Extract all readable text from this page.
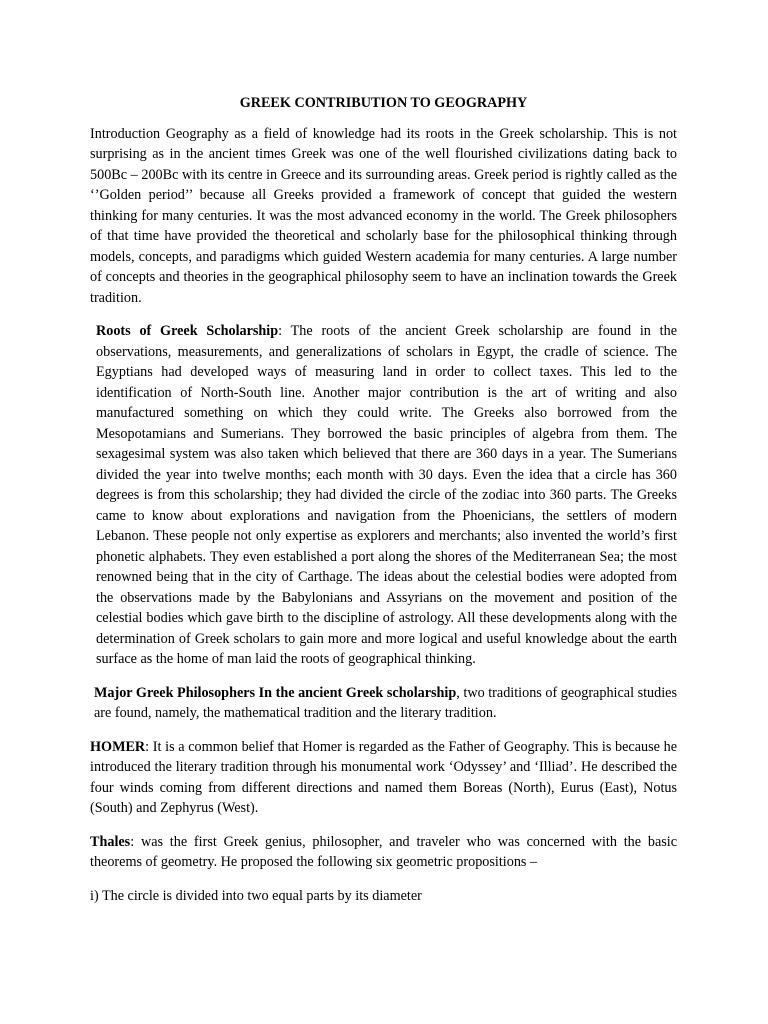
GREEK CONTRIBUTION TO GEOGRAPHY

Introduction Geography as a field of knowledge had its roots in the Greek scholarship. This is not surprising as in the ancient times Greek was one of the well flourished civilizations dating back to 500Bc – 200Bc with its centre in Greece and its surrounding areas. Greek period is rightly called as the ‘’Golden period’’ because all Greeks provided a framework of concept that guided the western thinking for many centuries. It was the most advanced economy in the world. The Greek philosophers of that time have provided the theoretical and scholarly base for the philosophical thinking through models, concepts, and paradigms which guided Western academia for many centuries. A large number of concepts and theories in the geographical philosophy seem to have an inclination towards the Greek tradition.

Roots of Greek Scholarship: The roots of the ancient Greek scholarship are found in the observations, measurements, and generalizations of scholars in Egypt, the cradle of science. The Egyptians had developed ways of measuring land in order to collect taxes. This led to the identification of North-South line. Another major contribution is the art of writing and also manufactured something on which they could write. The Greeks also borrowed from the Mesopotamians and Sumerians. They borrowed the basic principles of algebra from them. The sexagesimal system was also taken which believed that there are 360 days in a year. The Sumerians divided the year into twelve months; each month with 30 days. Even the idea that a circle has 360 degrees is from this scholarship; they had divided the circle of the zodiac into 360 parts. The Greeks came to know about explorations and navigation from the Phoenicians, the settlers of modern Lebanon. These people not only expertise as explorers and merchants; also invented the world’s first phonetic alphabets. They even established a port along the shores of the Mediterranean Sea; the most renowned being that in the city of Carthage. The ideas about the celestial bodies were adopted from the observations made by the Babylonians and Assyrians on the movement and position of the celestial bodies which gave birth to the discipline of astrology. All these developments along with the determination of Greek scholars to gain more and more logical and useful knowledge about the earth surface as the home of man laid the roots of geographical thinking.

Major Greek Philosophers In the ancient Greek scholarship, two traditions of geographical studies are found, namely, the mathematical tradition and the literary tradition.

HOMER: It is a common belief that Homer is regarded as the Father of Geography. This is because he introduced the literary tradition through his monumental work ‘Odyssey’ and ‘Illiad’. He described the four winds coming from different directions and named them Boreas (North), Eurus (East), Notus (South) and Zephyrus (West).

Thales: was the first Greek genius, philosopher, and traveler who was concerned with the basic theorems of geometry. He proposed the following six geometric propositions –

i) The circle is divided into two equal parts by its diameter
